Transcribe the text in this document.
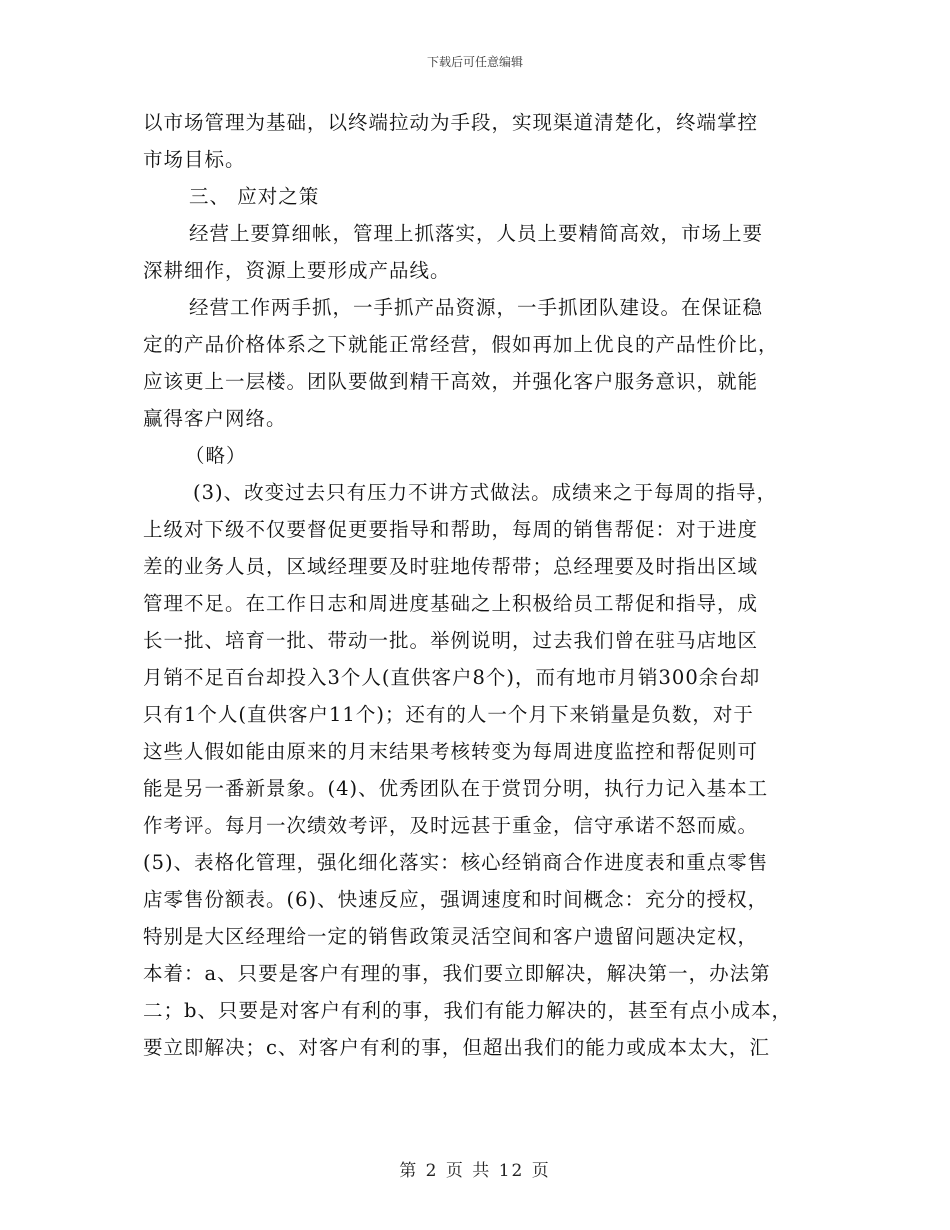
下载后可任意编辑
以市场管理为基础，以终端拉动为手段，实现渠道清楚化，终端掌控
市场目标。
三、 应对之策
经营上要算细帐，管理上抓落实，人员上要精简高效，市场上要
深耕细作，资源上要形成产品线。
经营工作两手抓，一手抓产品资源，一手抓团队建设。在保证稳
定的产品价格体系之下就能正常经营，假如再加上优良的产品性价比，
应该更上一层楼。团队要做到精干高效，并强化客户服务意识，就能
赢得客户网络。
（略）
(3)、改变过去只有压力不讲方式做法。成绩来之于每周的指导，
上级对下级不仅要督促更要指导和帮助，每周的销售帮促：对于进度
差的业务人员，区域经理要及时驻地传帮带；总经理要及时指出区域
管理不足。在工作日志和周进度基础之上积极给员工帮促和指导，成
长一批、培育一批、带动一批。举例说明，过去我们曾在驻马店地区
月销不足百台却投入3个人(直供客户8个)，而有地市月销300余台却
只有1个人(直供客户11个)；还有的人一个月下来销量是负数，对于
这些人假如能由原来的月末结果考核转变为每周进度监控和帮促则可
能是另一番新景象。(4)、优秀团队在于赏罚分明，执行力记入基本工
作考评。每月一次绩效考评，及时远甚于重金，信守承诺不怒而威。
(5)、表格化管理，强化细化落实：核心经销商合作进度表和重点零售
店零售份额表。(6)、快速反应，强调速度和时间概念：充分的授权，
特别是大区经理给一定的销售政策灵活空间和客户遗留问题决定权，
本着：a、只要是客户有理的事，我们要立即解决，解决第一，办法第
二；b、只要是对客户有利的事，我们有能力解决的，甚至有点小成本，
要立即解决；c、对客户有利的事，但超出我们的能力或成本太大，汇
第 2 页 共 12 页
